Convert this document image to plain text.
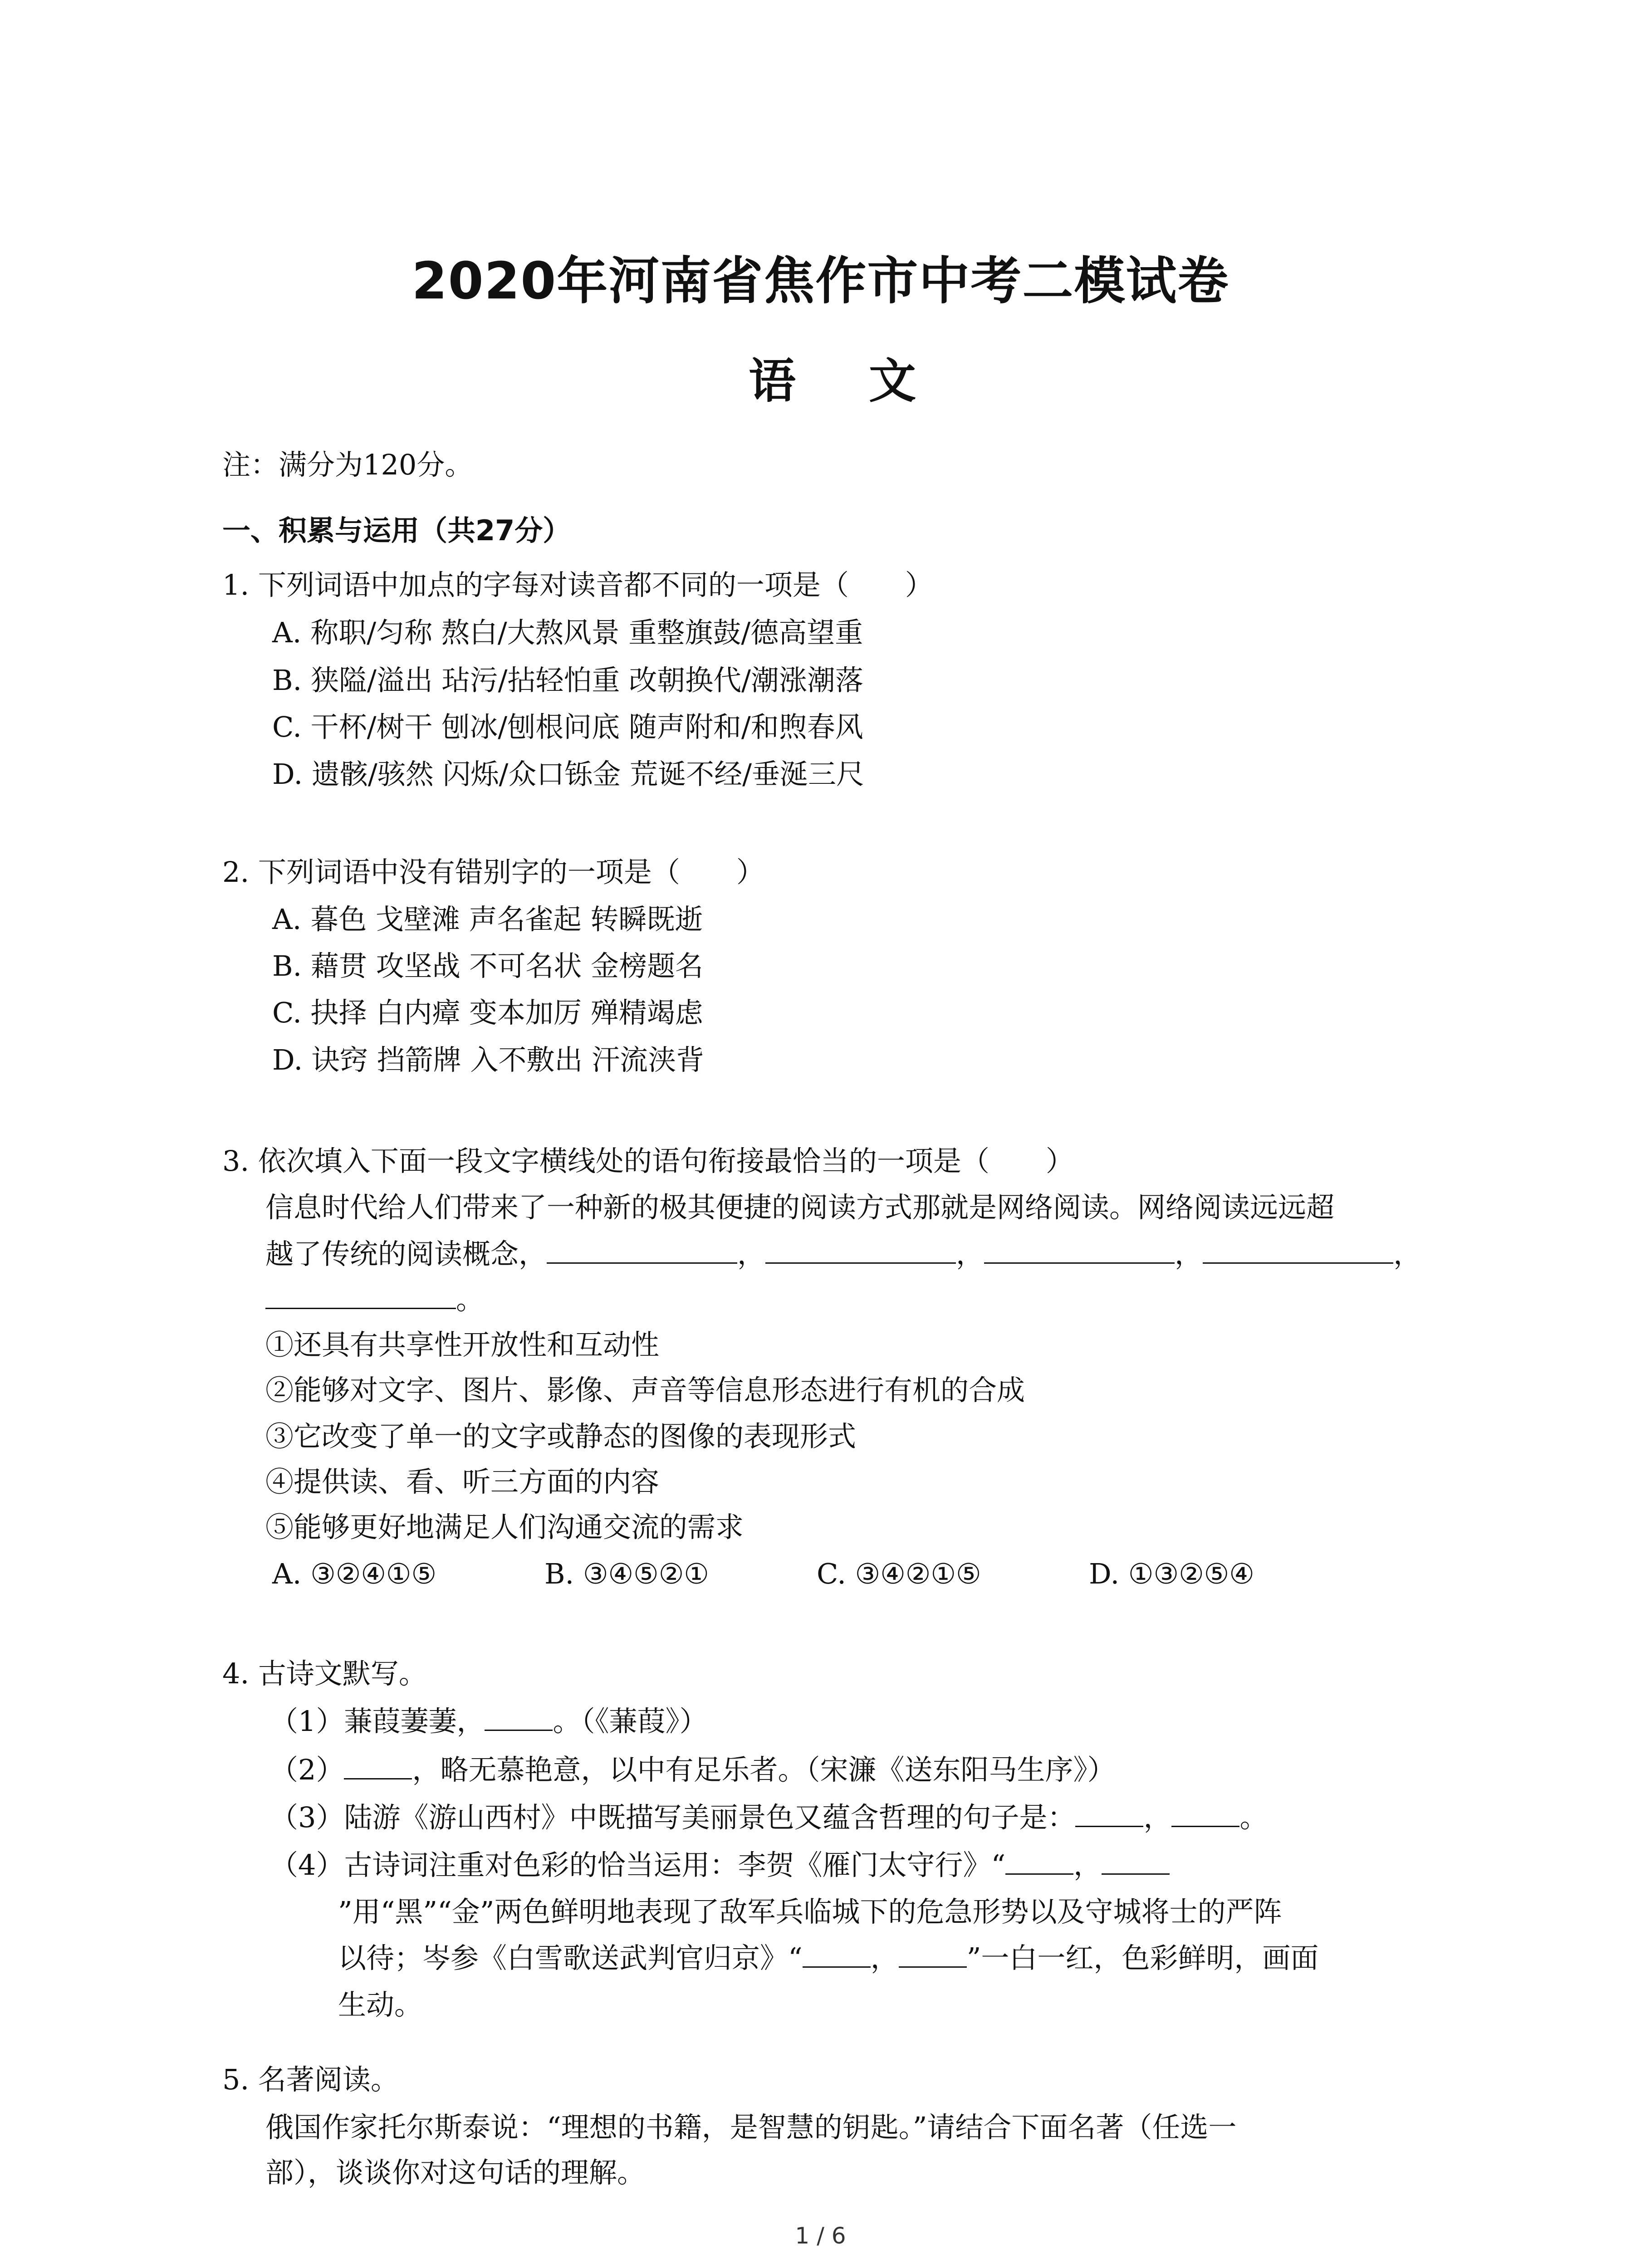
2020年河南省焦作市中考二模试卷
语 文
注：满分为120分。
一、积累与运用（共27分）
1. 下列词语中加点的字每对读音都不同的一项是（　　）
A. 称职/匀称 熬白/大熬风景 重整旗鼓/德高望重
B. 狭隘/溢出 玷污/拈轻怕重 改朝换代/潮涨潮落
C. 干杯/树干 刨冰/刨根问底 随声附和/和煦春风
D. 遗骸/骇然 闪烁/众口铄金 荒诞不经/垂涎三尺
2. 下列词语中没有错别字的一项是（　　）
A. 暮色 戈壁滩 声名雀起 转瞬既逝
B. 藉贯 攻坚战 不可名状 金榜题名
C. 抉择 白内瘴 变本加厉 殚精竭虑
D. 诀窍 挡箭牌 入不敷出 汗流浃背
3. 依次填入下面一段文字横线处的语句衔接最恰当的一项是（　　）
信息时代给人们带来了一种新的极其便捷的阅读方式那就是网络阅读。网络阅读远远超
越了传统的阅读概念，	，	，	，	，
。
①还具有共享性开放性和互动性
②能够对文字、图片、影像、声音等信息形态进行有机的合成
③它改变了单一的文字或静态的图像的表现形式
④提供读、看、听三方面的内容
⑤能够更好地满足人们沟通交流的需求
A. ③②④①⑤	B. ③④⑤②①	C. ③④②①⑤	D. ①③②⑤④
4. 古诗文默写。
（1）蒹葭萋萋， 。（《蒹葭》）
（2） ，略无慕艳意，以中有足乐者。（宋濂《送东阳马生序》）
（3）陆游《游山西村》中既描写美丽景色又蕴含哲理的句子是： ， 。
（4）古诗词注重对色彩的恰当运用：李贺《雁门太守行》“ ，
”用“黑”“金”两色鲜明地表现了敌军兵临城下的危急形势以及守城将士的严阵
以待；岑参《白雪歌送武判官归京》“ ， ”一白一红，色彩鲜明，画面
生动。
5. 名著阅读。
俄国作家托尔斯泰说：“理想的书籍，是智慧的钥匙。”请结合下面名著（任选一
部），谈谈你对这句话的理解。
1 / 6
